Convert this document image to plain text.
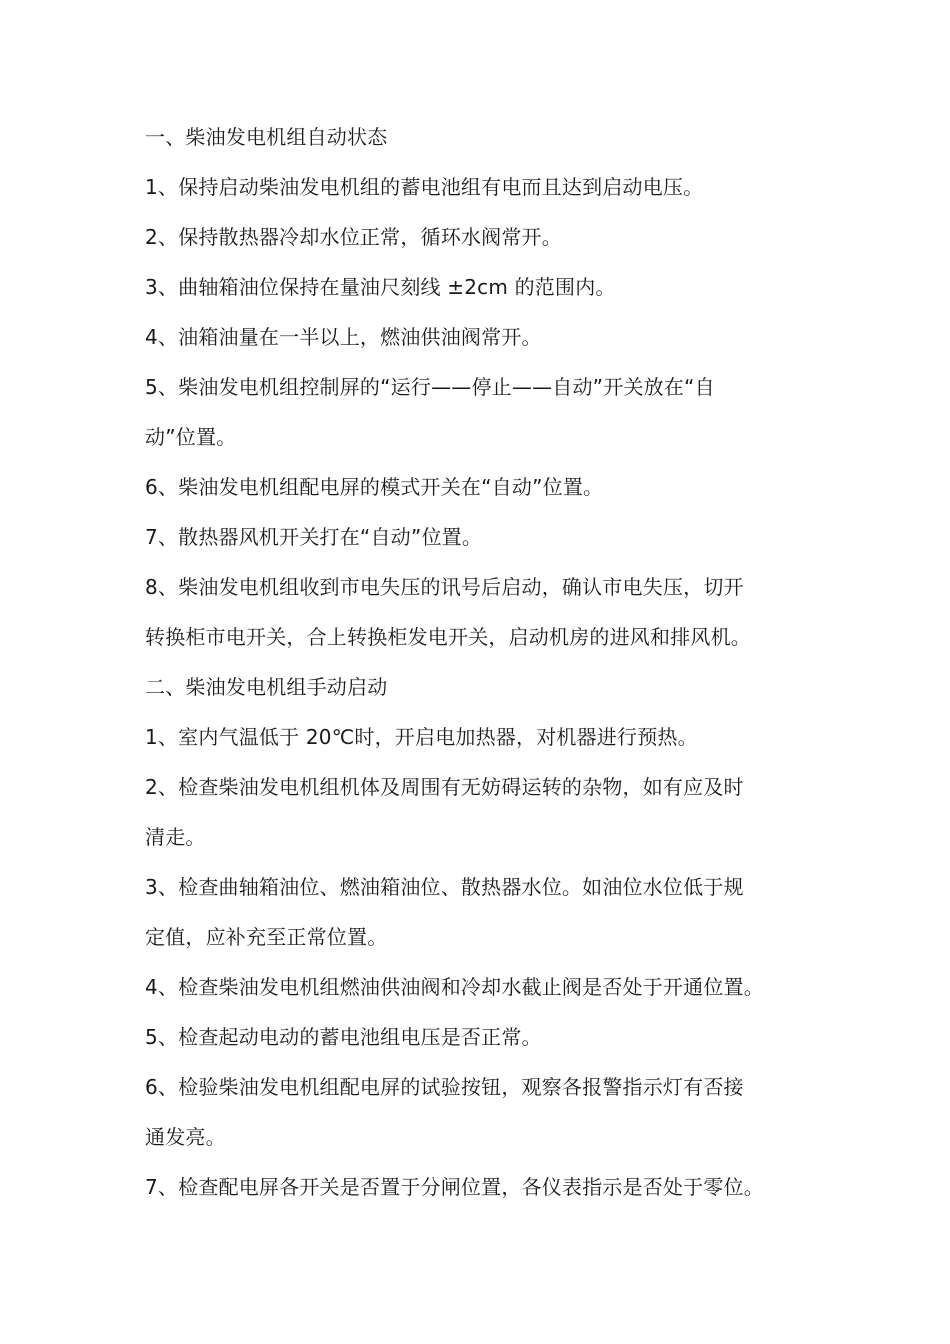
一、柴油发电机组自动状态
1、保持启动柴油发电机组的蓄电池组有电而且达到启动电压。
2、保持散热器冷却水位正常，循环水阀常开。
3、曲轴箱油位保持在量油尺刻线 ±2cm 的范围内。
4、油箱油量在一半以上，燃油供油阀常开。
5、柴油发电机组控制屏的“运行——停止——自动”开关放在“自
动”位置。
6、柴油发电机组配电屏的模式开关在“自动”位置。
7、散热器风机开关打在“自动”位置。
8、柴油发电机组收到市电失压的讯号后启动，确认市电失压，切开
转换柜市电开关，合上转换柜发电开关，启动机房的进风和排风机。
二、柴油发电机组手动启动
1、室内气温低于 20℃时，开启电加热器，对机器进行预热。
2、检查柴油发电机组机体及周围有无妨碍运转的杂物，如有应及时
清走。
3、检查曲轴箱油位、燃油箱油位、散热器水位。如油位水位低于规
定值，应补充至正常位置。
4、检查柴油发电机组燃油供油阀和冷却水截止阀是否处于开通位置。
5、检查起动电动的蓄电池组电压是否正常。
6、检验柴油发电机组配电屏的试验按钮，观察各报警指示灯有否接
通发亮。
7、检查配电屏各开关是否置于分闸位置，各仪表指示是否处于零位。
